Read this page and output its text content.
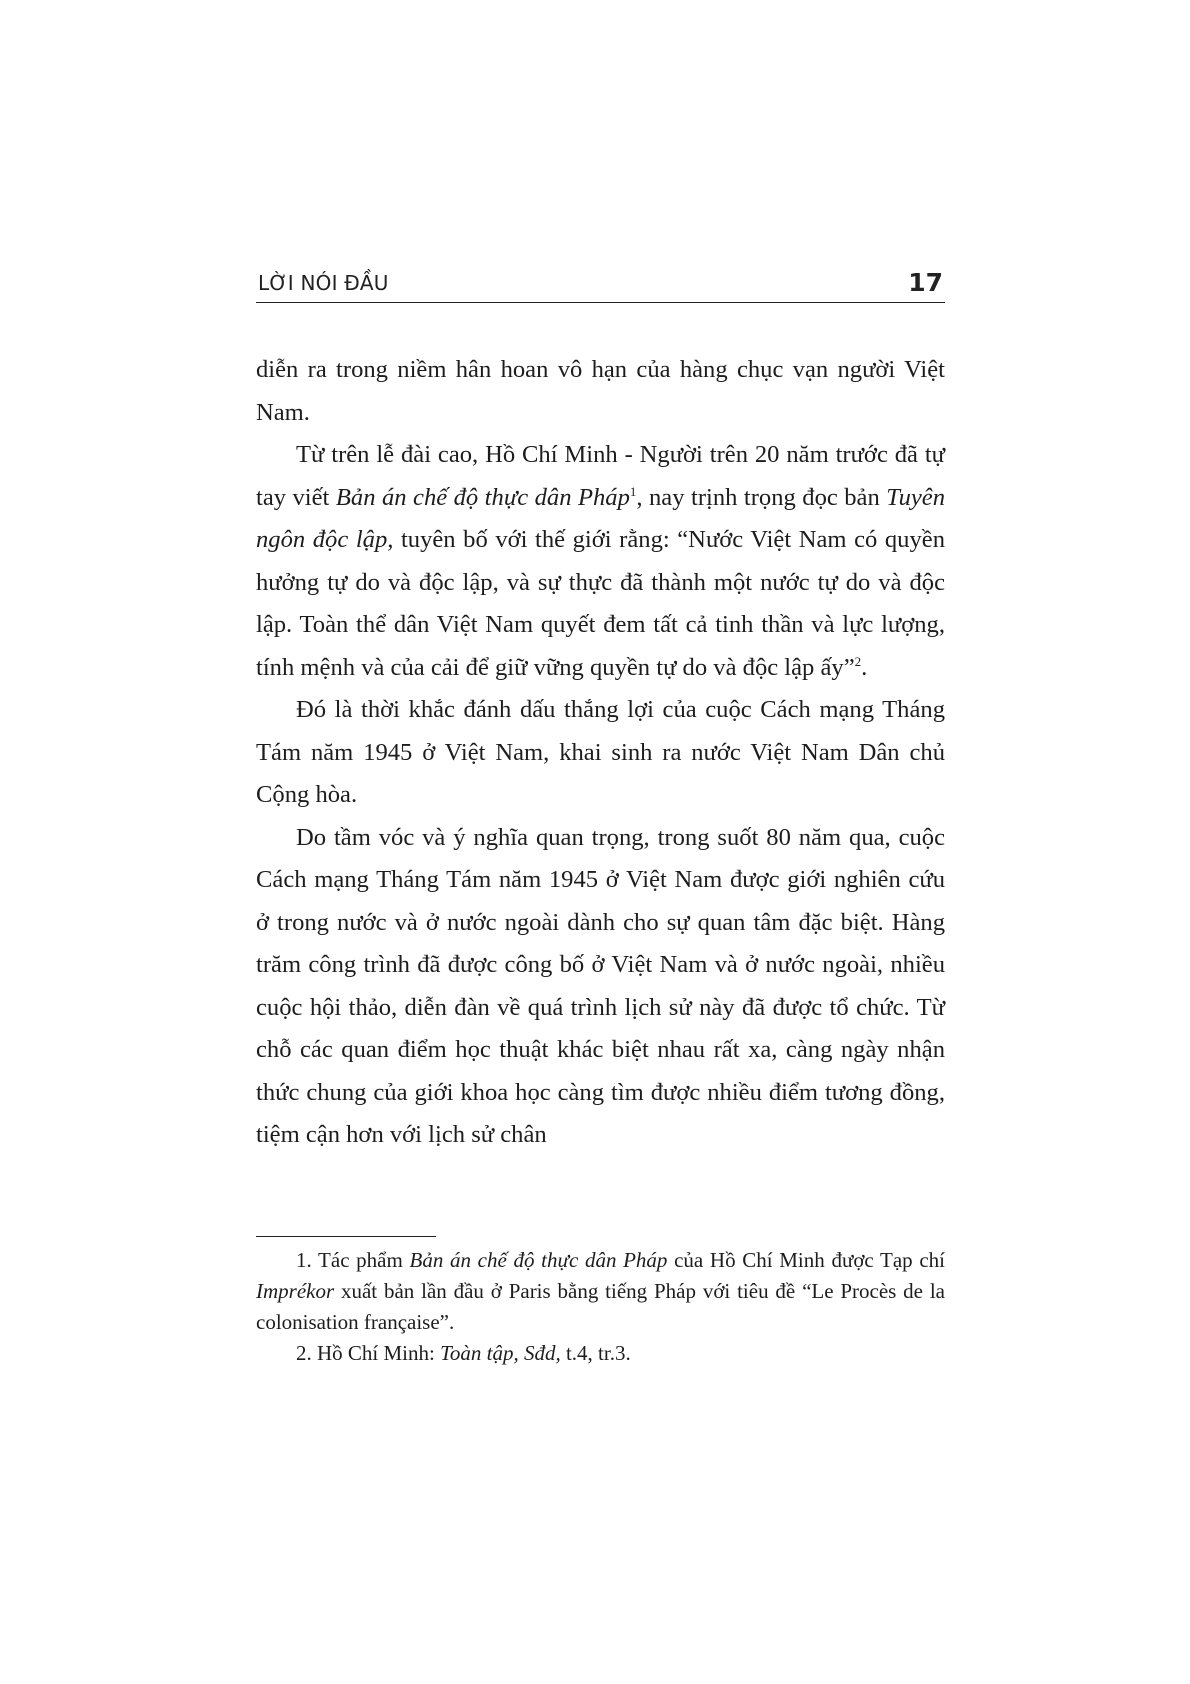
LỜI NÓI ĐẦU	17

diễn ra trong niềm hân hoan vô hạn của hàng chục vạn người Việt Nam.

Từ trên lễ đài cao, Hồ Chí Minh - Người trên 20 năm trước đã tự tay viết Bản án chế độ thực dân Pháp$^1$, nay trịnh trọng đọc bản Tuyên ngôn độc lập, tuyên bố với thế giới rằng: “Nước Việt Nam có quyền hưởng tự do và độc lập, và sự thực đã thành một nước tự do và độc lập. Toàn thể dân Việt Nam quyết đem tất cả tinh thần và lực lượng, tính mệnh và của cải để giữ vững quyền tự do và độc lập ấy”$^2$.

Đó là thời khắc đánh dấu thắng lợi của cuộc Cách mạng Tháng Tám năm 1945 ở Việt Nam, khai sinh ra nước Việt Nam Dân chủ Cộng hòa.

Do tầm vóc và ý nghĩa quan trọng, trong suốt 80 năm qua, cuộc Cách mạng Tháng Tám năm 1945 ở Việt Nam được giới nghiên cứu ở trong nước và ở nước ngoài dành cho sự quan tâm đặc biệt. Hàng trăm công trình đã được công bố ở Việt Nam và ở nước ngoài, nhiều cuộc hội thảo, diễn đàn về quá trình lịch sử này đã được tổ chức. Từ chỗ các quan điểm học thuật khác biệt nhau rất xa, càng ngày nhận thức chung của giới khoa học càng tìm được nhiều điểm tương đồng, tiệm cận hơn với lịch sử chân

1. Tác phẩm Bản án chế độ thực dân Pháp của Hồ Chí Minh được Tạp chí Imprékor xuất bản lần đầu ở Paris bằng tiếng Pháp với tiêu đề “Le Procès de la colonisation française”.

2. Hồ Chí Minh: Toàn tập, Sđd, t.4, tr.3.
